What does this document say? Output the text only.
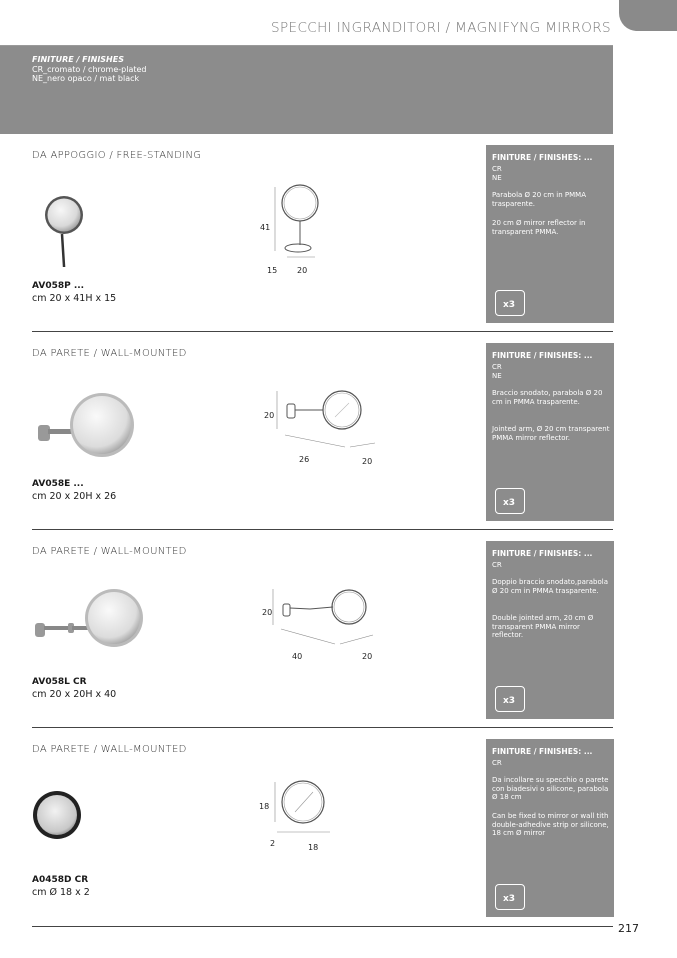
SPECCHI INGRANDITORI / MAGNIFYNG MIRRORS
FINITURE / FINISHES
CR_cromato / chrome-plated
NE_nero opaco / mat black
DA APPOGGIO / FREE-STANDING
41
15 20
AV058P ...
cm 20 x 41H x 15
FINITURE / FINISHES: ...
CR
NE
Parabola Ø 20 cm in PMMA trasparente.
20 cm Ø mirror reflector in transparent PMMA.
x3
DA PARETE / WALL-MOUNTED
20
26	20
AV058E ...
cm 20 x 20H x 26
FINITURE / FINISHES: ...
CR
NE
Braccio snodato, parabola Ø 20 cm in PMMA trasparente.
Jointed arm, Ø 20 cm transparent PMMA mirror reflector.
x3
DA PARETE / WALL-MOUNTED
20
40	20
AV058L CR
cm 20 x 20H x 40
FINITURE / FINISHES: ...
CR
Doppio braccio snodato,parabola Ø 20 cm in PMMA trasparente.
Double jointed arm, 20 cm Ø transparent PMMA mirror reflector.
x3
DA PARETE / WALL-MOUNTED
18
2	18
A0458D CR
cm Ø 18 x 2
FINITURE / FINISHES: ...
CR
Da incollare su specchio o parete con biadesivi o silicone, parabola Ø 18 cm
Can be fixed to mirror or wall tith double-adhedive strip or silicone, 18 cm Ø mirror
x3
217
